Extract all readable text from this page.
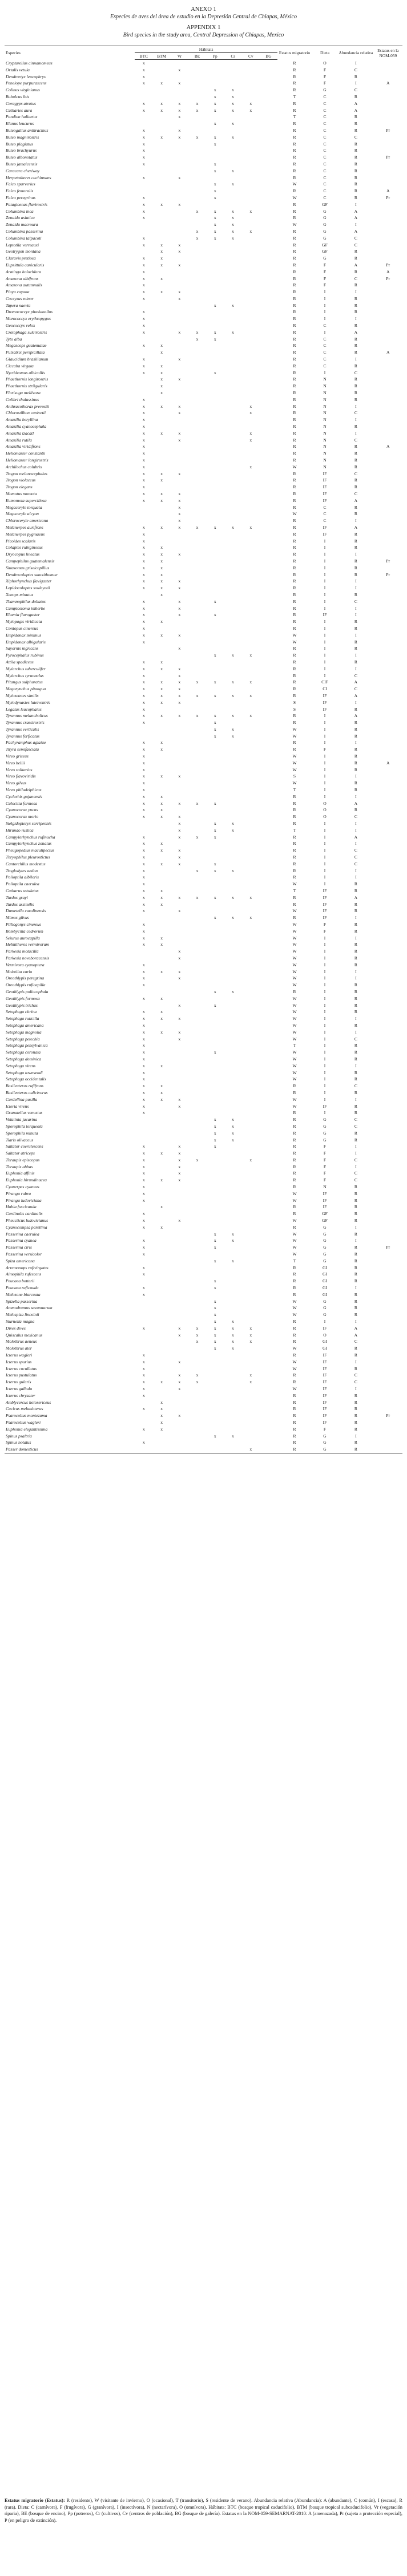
ANEXO 1
Especies de aves del área de estudio en la Depresión Central de Chiapas, México
APPENDIX 1
Bird species in the study area, Central Depression of Chiapas, Mexico
Especies	Hábitats								Estatus migratorio	Dieta	Abundancia relativa	Estatus en la NOM-059
	BTC	BTM	Vr	BE	Pp	Cr	Cv	BG				
Crypturellus cinnamomeus	x								R	O	I	
Ortalis vetula	x		x						R	F	C	
Dendrortyx leucophrys	x								R	F	R	
Penelope purpurascens	x	x	x						R	F	I	A
Colinus virginianus					x	x			R	G	C	
Bubulcus ibis					x	x			T	C	R	
Coragyps atratus	x	x	x	x	x	x	x		R	C	A	
Cathartes aura	x	x	x	x	x	x	x		R	C	A	
Pandion haliaetus			x						T	C	R	
Elanus leucurus					x	x			R	C	R	
Buteogallus anthracinus	x		x						R	C	R	Pr
Buteo magnirostris	x	x	x	x	x	x			R	C	C	
Buteo plagiatus	x				x				R	C	R	
Buteo brachyurus	x								R	C	R	
Buteo albonotatus	x								R	C	R	Pr
Buteo jamaicensis	x				x				R	C	R	
Caracara cheriway					x	x			R	C	R	
Herpetotheres cachinnans	x		x						R	C	R	
Falco sparverius					x	x			W	C	R	
Falco femoralis					x				R	C	R	A
Falco peregrinus	x				x				W	C	R	Pr
Patagioenas flavirostris	x	x	x						R	GF	I	
Columbina inca	x			x	x	x	x		R	G	A	
Zenaida asiatica	x				x	x			R	G	A	
Zenaida macroura					x	x			W	G	I	
Columbina passerina				x	x	x	x		R	G	A	
Columbina talpacoti	x			x	x	x			R	G	C	
Leptotila verreauxi	x	x	x						R	GF	C	
Geotrygon montana		x	x						R	GF	R	
Claravis pretiosa	x	x							R	G	R	
Eupsittula canicularis	x	x	x						R	F	A	Pr
Aratinga holochlora	x								R	F	R	A
Amazona albifrons	x	x							R	F	C	Pr
Amazona autumnalis	x								R	F	R	
Piaya cayana	x	x	x						R	I	I	
Coccyzus minor	x		x						R	I	R	
Tapera naevia					x	x			R	I	R	
Dromococcyx phasianellus	x								R	I	R	
Morococcyx erythropygus	x								R	I	I	
Geococcyx velox	x								R	C	R	
Crotophaga sulcirostris	x		x	x	x	x			R	I	A	
Tyto alba				x	x				R	C	R	
Megascops guatemalae	x	x							R	C	R	
Pulsatrix perspicillata		x							R	C	R	A
Glaucidium brasilianum	x		x						R	C	I	
Ciccaba virgata	x	x							R	C	R	
Nyctidromus albicollis	x	x			x				R	I	C	
Phaethornis longirostris		x	x						R	N	R	
Phaethornis striigularis		x							R	N	R	
Florisuga mellivora		x							R	N	R	
Colibri thalassinus	x								R	N	R	
Anthracothorax prevostii	x	x	x				x		R	N	I	
Chlorostilbon canivetii	x		x				x		R	N	C	
Amazilia beryllina	x								R	N	I	
Amazilia cyanocephala	x								R	N	R	
Amazilia tzacatl	x	x	x				x		R	N	I	
Amazilia rutila	x		x				x		R	N	C	
Amazilia viridifrons	x								R	N	R	A
Heliomaster constantii	x								R	N	R	
Heliomaster longirostris	x								R	N	R	
Archilochus colubris	x						x		W	N	R	
Trogon melanocephalus	x	x	x						R	IF	C	
Trogon violaceus	x	x							R	IF	R	
Trogon elegans	x								R	IF	R	
Momotus momota	x	x	x						R	IF	C	
Eumomota superciliosa	x	x	x						R	IF	A	
Megaceryle torquata			x						R	C	R	
Megaceryle alcyon			x						W	C	R	
Chloroceryle americana			x						R	C	I	
Melanerpes aurifrons	x	x	x	x	x	x	x		R	IF	A	
Melanerpes pygmaeus	x								R	IF	R	
Picoides scalaris	x								R	I	R	
Colaptes rubiginosus	x	x							R	I	R	
Dryocopus lineatus	x	x	x						R	I	I	
Campephilus guatemalensis	x	x							R	I	R	Pr
Sittasomus griseicapillus	x	x							R	I	R	
Dendrocolaptes sanctithomae	x	x							R	I	R	Pr
Xiphorhynchus flavigaster	x	x	x						R	I	I	
Lepidocolaptes souleyetii	x	x	x						R	I	I	
Xenops minutus		x							R	I	R	
Thamnophilus doliatus	x		x		x				R	I	C	
Camptostoma imberbe	x		x						R	I	I	
Elaenia flavogaster	x		x		x				R	IF	I	
Myiopagis viridicata	x	x							R	I	R	
Contopus cinereus	x								R	I	R	
Empidonax minimus	x	x	x						W	I	I	
Empidonax albigularis	x								W	I	R	
Sayornis nigricans			x						R	I	R	
Pyrocephalus rubinus					x	x	x		R	I	I	
Attila spadiceus	x	x							R	I	R	
Myiarchus tuberculifer	x	x	x						R	I	I	
Myiarchus tyrannulus	x		x						R	I	C	
Pitangus sulphuratus	x	x	x	x	x	x	x		R	CIF	A	
Megarynchus pitangua	x	x	x						R	CI	C	
Myiozetetes similis	x	x	x	x	x	x	x		R	IF	A	
Myiodynastes luteiventris	x	x	x						S	IF	I	
Legatus leucophaius	x								S	IF	R	
Tyrannus melancholicus	x	x	x	x	x	x	x		R	I	A	
Tyrannus crassirostris	x				x				R	I	R	
Tyrannus verticalis					x	x			W	I	R	
Tyrannus forficatus					x	x			W	I	R	
Pachyramphus aglaiae	x	x							R	I	I	
Tityra semifasciata	x	x							R	F	R	
Vireo griseus	x								W	I	R	
Vireo bellii	x								W	I	R	A
Vireo solitarius	x								W	I	R	
Vireo flavoviridis	x	x	x						S	I	I	
Vireo gilvus	x								W	I	R	
Vireo philadelphicus	x								T	I	R	
Cyclarhis gujanensis	x	x							R	I	I	
Calocitta formosa	x	x	x	x	x				R	O	A	
Cyanocorax yncas	x	x							R	O	R	
Cyanocorax morio	x	x	x						R	O	C	
Stelgidopteryx serripennis			x		x	x			R	I	I	
Hirundo rustica			x		x	x			T	I	I	
Campylorhynchus rufinucha	x		x	x	x				R	I	A	
Campylorhynchus zonatus	x	x							R	I	I	
Pheugopedius maculipectus	x	x	x						R	I	C	
Thryophilus pleurostictus	x		x						R	I	C	
Cantorchilus modestus	x	x	x		x				R	I	C	
Troglodytes aedon	x			x	x	x			R	I	I	
Polioptila albiloris	x								R	I	I	
Polioptila caerulea	x								W	I	R	
Catharus ustulatus	x	x							T	IF	R	
Turdus grayi	x	x	x	x	x	x	x		R	IF	A	
Turdus assimilis	x	x							R	IF	R	
Dumetella carolinensis	x		x						W	IF	R	
Mimus gilvus					x	x	x		R	IF	I	
Ptiliogonys cinereus	x								W	F	R	
Bombycilla cedrorum	x								W	F	R	
Seiurus aurocapilla	x	x							W	I	I	
Helmitheros vermivorum	x	x							W	I	R	
Parkesia motacilla			x						W	I	R	
Parkesia noveboracensis			x						W	I	R	
Vermivora cyanoptera	x								W	I	R	
Mniotilta varia	x	x	x						W	I	I	
Oreothlypis peregrina	x		x						W	I	I	
Oreothlypis ruficapilla	x								W	I	R	
Geothlypis poliocephala					x	x			R	I	R	
Geothlypis formosa	x	x							W	I	R	
Geothlypis trichas			x		x				W	I	R	
Setophaga citrina	x	x							W	I	R	
Setophaga ruticilla	x	x	x						W	I	I	
Setophaga americana	x								W	I	R	
Setophaga magnolia	x	x	x						W	I	I	
Setophaga petechia	x		x						W	I	C	
Setophaga pensylvanica	x								T	I	R	
Setophaga coronata	x				x				W	I	R	
Setophaga dominica	x								W	I	R	
Setophaga virens	x	x							W	I	I	
Setophaga townsendi	x								W	I	R	
Setophaga occidentalis	x								W	I	R	
Basileuterus rufifrons	x	x							R	I	C	
Basileuterus culicivorus	x	x							R	I	R	
Cardellina pusilla	x	x	x						W	I	I	
Icteria virens	x		x						W	IF	R	
Granatellus venustus	x								R	I	R	
Volatinia jacarina					x	x			R	G	C	
Sporophila torqueola					x	x			R	G	C	
Sporophila minuta					x	x			R	G	R	
Tiaris olivaceus					x	x			R	G	R	
Saltator coerulescens	x		x		x				R	F	I	
Saltator atriceps	x	x	x						R	F	I	
Thraupis episcopus	x		x	x			x		R	F	C	
Thraupis abbas	x		x						R	F	I	
Euphonia affinis	x		x						R	F	C	
Euphonia hirundinacea	x	x	x						R	F	C	
Cyanerpes cyaneus	x								R	N	R	
Piranga rubra	x								W	IF	R	
Piranga ludoviciana	x								W	IF	R	
Habia fuscicauda		x							R	IF	R	
Cardinalis cardinalis	x								R	GF	R	
Pheucticus ludovicianus	x		x						W	GF	R	
Cyanocompsa parellina	x	x							R	G	I	
Passerina caerulea					x	x			W	G	R	
Passerina cyanea	x				x	x			W	G	I	
Passerina ciris	x				x				W	G	R	Pr
Passerina versicolor	x								W	G	R	
Spiza americana					x	x			T	G	R	
Arremonops rufivirgatus	x								R	GI	R	
Aimophila rufescens	x								R	GI	R	
Peucaea botterii					x				R	GI	R	
Peucaea ruficauda	x				x				R	GI	I	
Melozone biarcuata	x								R	GI	R	
Spizella passerina					x				W	G	R	
Ammodramus savannarum					x				W	G	R	
Melospiza lincolnii					x				W	G	R	
Sturnella magna					x	x			R	I	I	
Dives dives	x		x	x	x	x	x		R	IF	A	
Quiscalus mexicanus			x	x	x	x	x		R	O	A	
Molothrus aeneus				x	x	x	x		R	GI	C	
Molothrus ater					x	x			W	GI	R	
Icterus wagleri	x								R	IF	R	
Icterus spurius	x		x						W	IF	I	
Icterus cucullatus	x								W	IF	R	
Icterus pustulatus	x		x	x			x		R	IF	C	
Icterus gularis	x	x	x	x			x		R	IF	C	
Icterus galbula	x		x						W	IF	I	
Icterus chrysater	x								R	IF	R	
Amblycercus holosericeus		x							R	IF	R	
Cacicus melanicterus	x	x							R	IF	R	
Psarocolius montezuma		x	x						R	IF	R	Pr
Psarocolius wagleri		x							R	IF	R	
Euphonia elegantissima	x	x							R	F	R	
Spinus psaltria					x	x			R	G	I	
Spinus notatus	x								R	G	R	
Passer domesticus							x		R	G	R	
Estatus migratorio (Estatus): R (residente), W (visitante de invierno), O (ocasional), T (transitorio), S (residente de verano). Abundancia relativa (Abundancia): A (abundante), C (común), I (escasa), R (rara). Dieta: C (carnívora), F (frugívora), G (granívora), I (insectívora), N (nectarívora), O (omnívora). Hábitats: BTC (bosque tropical caducifolio), BTM (bosque tropical subcaducifolio), Vr (vegetación riparia), BE (bosque de encino), Pp (potreros), Cr (cultivos), Cv (centros de población), BG (bosque de galería). Estatus en la NOM-059-SEMARNAT-2010: A (amenazada), Pr (sujeta a protección especial), P (en peligro de extinción).
